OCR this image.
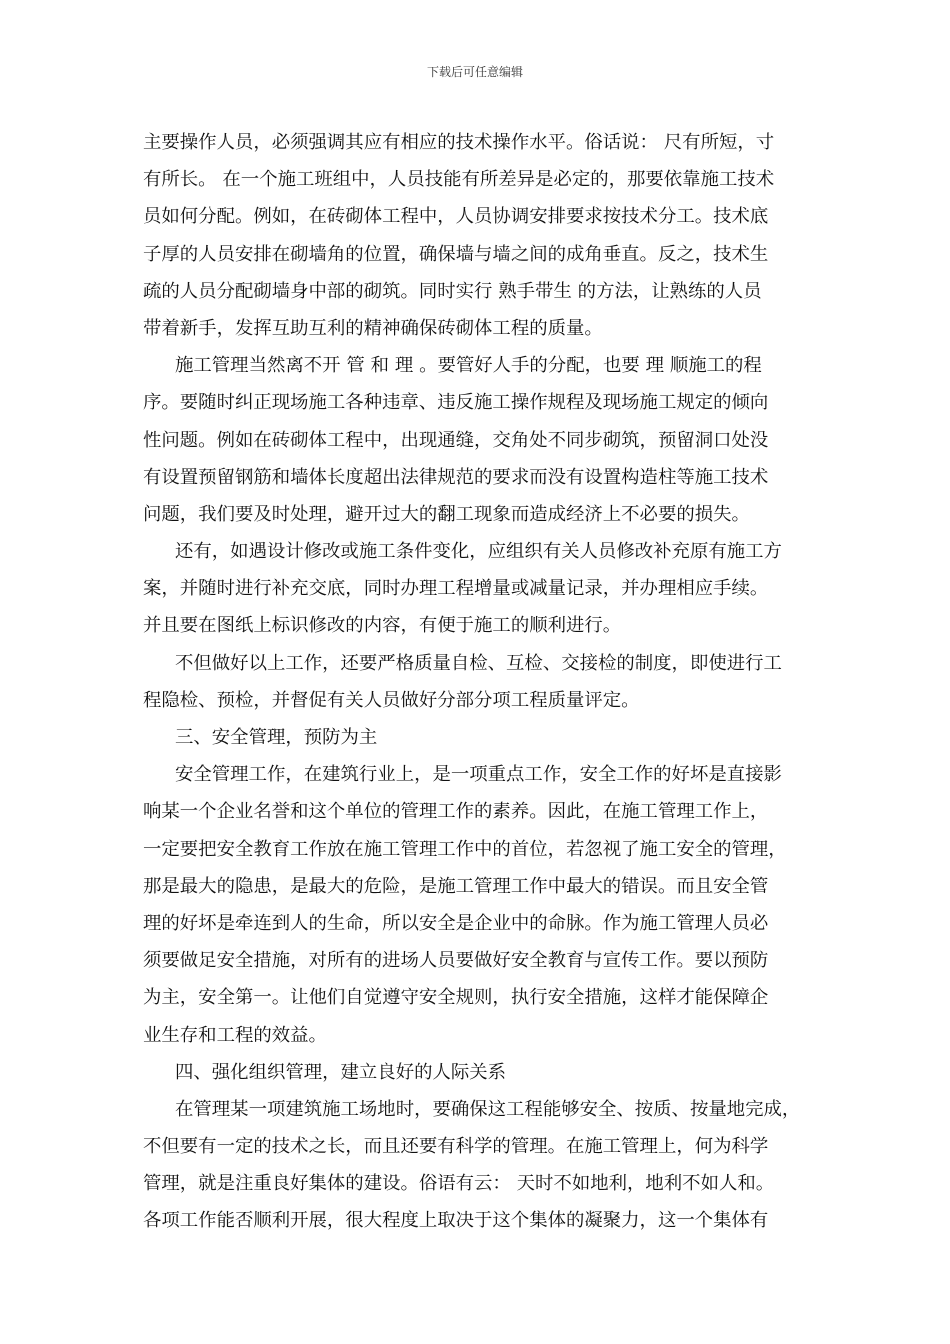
下载后可任意编辑
主要操作人员，必须强调其应有相应的技术操作水平。俗话说： 尺有所短，寸
有所长。 在一个施工班组中，人员技能有所差异是必定的，那要依靠施工技术
员如何分配。例如，在砖砌体工程中，人员协调安排要求按技术分工。技术底
子厚的人员安排在砌墙角的位置，确保墙与墙之间的成角垂直。反之，技术生
疏的人员分配砌墙身中部的砌筑。同时实行 熟手带生 的方法，让熟练的人员
带着新手，发挥互助互利的精神确保砖砌体工程的质量。
施工管理当然离不开 管 和 理 。要管好人手的分配，也要 理 顺施工的程
序。要随时纠正现场施工各种违章、违反施工操作规程及现场施工规定的倾向
性问题。例如在砖砌体工程中，出现通缝，交角处不同步砌筑，预留洞口处没
有设置预留钢筋和墙体长度超出法律规范的要求而没有设置构造柱等施工技术
问题，我们要及时处理，避开过大的翻工现象而造成经济上不必要的损失。
还有，如遇设计修改或施工条件变化，应组织有关人员修改补充原有施工方
案，并随时进行补充交底，同时办理工程增量或减量记录，并办理相应手续。
并且要在图纸上标识修改的内容，有便于施工的顺利进行。
不但做好以上工作，还要严格质量自检、互检、交接检的制度，即使进行工
程隐检、预检，并督促有关人员做好分部分项工程质量评定。
三、安全管理，预防为主
安全管理工作，在建筑行业上，是一项重点工作，安全工作的好坏是直接影
响某一个企业名誉和这个单位的管理工作的素养。因此，在施工管理工作上，
一定要把安全教育工作放在施工管理工作中的首位，若忽视了施工安全的管理，
那是最大的隐患，是最大的危险，是施工管理工作中最大的错误。而且安全管
理的好坏是牵连到人的生命，所以安全是企业中的命脉。作为施工管理人员必
须要做足安全措施，对所有的进场人员要做好安全教育与宣传工作。要以预防
为主，安全第一。让他们自觉遵守安全规则，执行安全措施，这样才能保障企
业生存和工程的效益。
四、强化组织管理，建立良好的人际关系
在管理某一项建筑施工场地时，要确保这工程能够安全、按质、按量地完成，
不但要有一定的技术之长，而且还要有科学的管理。在施工管理上，何为科学
管理，就是注重良好集体的建设。俗语有云： 天时不如地利，地利不如人和。
各项工作能否顺利开展，很大程度上取决于这个集体的凝聚力，这一个集体有
